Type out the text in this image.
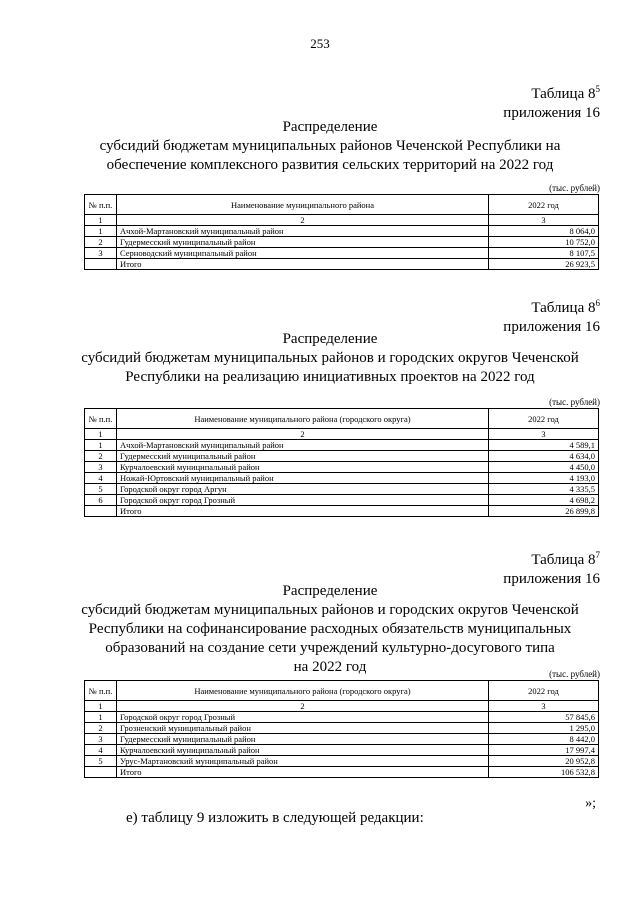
253
Таблица $8^5$
приложения 16
Распределение
субсидий бюджетам муниципальных районов Чеченской Республики на
обеспечение комплексного развития сельских территорий на 2022 год
(тыс. рублей)
№ п.п.	Наименование муниципального района	2022 год
1	2	3
1	Ачхой-Мартановский муниципальный район	8 064,0
2	Гудермесский муниципальный район	10 752,0
3	Серноводский муниципальный район	8 107,5
	Итого	26 923,5
Таблица $8^6$
приложения 16
Распределение
субсидий бюджетам муниципальных районов и городских округов Чеченской
Республики на реализацию инициативных проектов на 2022 год
(тыс. рублей)
№ п.п.	Наименование муниципального района (городского округа)	2022 год
1	2	3
1	Ачхой-Мартановский муниципальный район	4 589,1
2	Гудермесский муниципальный район	4 634,0
3	Курчалоевский муниципальный район	4 450,0
4	Ножай-Юртовский муниципальный район	4 193,0
5	Городской округ город Аргун	4 335,5
6	Городской округ город Грозный	4 698,2
	Итого	26 899,8
Таблица $8^7$
приложения 16
Распределение
субсидий бюджетам муниципальных районов и городских округов Чеченской
Республики на софинансирование расходных обязательств муниципальных
образований на создание сети учреждений культурно-досугового типа
на 2022 год	(тыс. рублей)
№ п.п.	Наименование муниципального района (городского округа)	2022 год
1	2	3
1	Городской округ город Грозный	57 845,6
2	Грозненский муниципальный район	1 295,0
3	Гудермесский муниципальный район	8 442,0
4	Курчалоевский муниципальный район	17 997,4
5	Урус-Мартановский муниципальный район	20 952,8
	Итого	106 532,8
»;
е) таблицу 9 изложить в следующей редакции:
